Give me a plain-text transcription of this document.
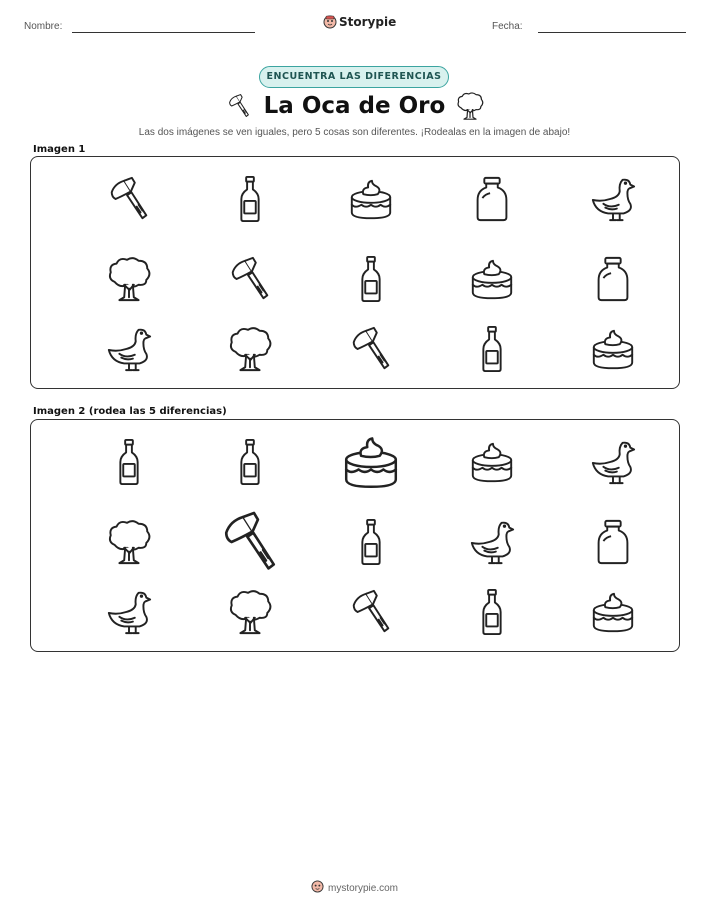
Nombre:	Storypie	Fecha:
ENCUENTRA LAS DIFERENCIAS
La Oca de Oro
Las dos imágenes se ven iguales, pero 5 cosas son diferentes. ¡Rodealas en la imagen de abajo!
Imagen 1
Imagen 2 (rodea las 5 diferencias)
mystorypie.com
